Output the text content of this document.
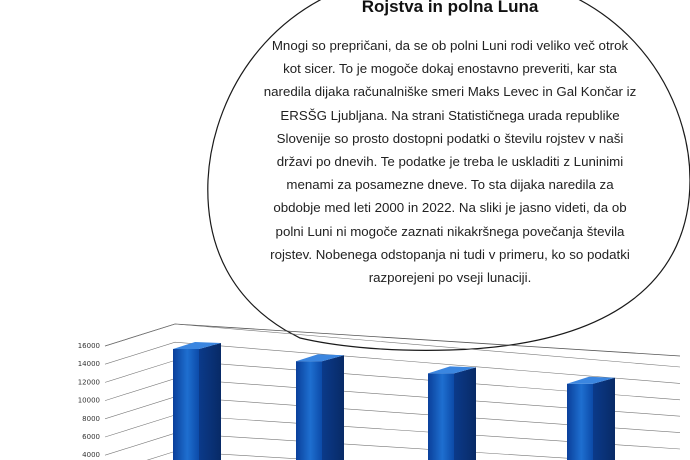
4000
6000
8000
10000
12000
14000
16000

Rojstva in polna Luna

Mnogi so prepričani, da se ob polni Luni rodi veliko več otrok kot sicer. To je mogoče dokaj enostavno preveriti, kar sta naredila dijaka računalniške smeri Maks Levec in Gal Končar iz ERSŠG Ljubljana. Na strani Statističnega urada republike Slovenije so prosto dostopni podatki o številu rojstev v naši državi po dnevih. Te podatke je treba le uskladiti z Luninimi menami za posamezne dneve. To sta dijaka naredila za obdobje med leti 2000 in 2022. Na sliki je jasno videti, da ob polni Luni ni mogoče zaznati nikakršnega povečanja števila rojstev. Nobenega odstopanja ni tudi v primeru, ko so podatki razporejeni po vseji lunaciji.
